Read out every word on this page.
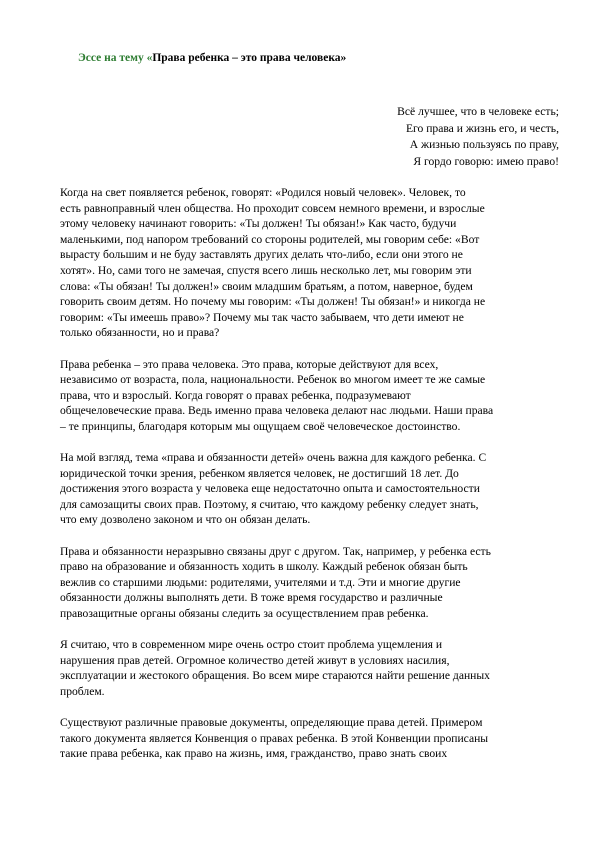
Эссе на тему «Права ребенка – это права человека»
Всё лучшее, что в человеке есть;
Его права и жизнь его, и честь,
А жизнью пользуясь по праву,
Я гордо говорю: имею право!

Когда на свет появляется ребенок, говорят: «Родился новый человек». Человек, то
есть равноправный член общества. Но проходит совсем немного времени, и взрослые
этому человеку начинают говорить: «Ты должен! Ты обязан!» Как часто, будучи
маленькими, под напором требований со стороны родителей, мы говорим себе: «Вот
вырасту большим и не буду заставлять других делать что-либо, если они этого не
хотят». Но, сами того не замечая, спустя всего лишь несколько лет, мы говорим эти
слова: «Ты обязан! Ты должен!» своим младшим братьям, а потом, наверное, будем
говорить своим детям. Но почему мы говорим: «Ты должен! Ты обязан!» и никогда не
говорим: «Ты имеешь право»? Почему мы так часто забываем, что дети имеют не
только обязанности, но и права?

Права ребенка – это права человека. Это права, которые действуют для всех,
независимо от возраста, пола, национальности. Ребенок во многом имеет те же самые
права, что и взрослый. Когда говорят о правах ребенка, подразумевают
общечеловеческие права. Ведь именно права человека делают нас людьми. Наши права
– те принципы, благодаря которым мы ощущаем своё человеческое достоинство.

На мой взгляд, тема «права и обязанности детей» очень важна для каждого ребенка. С
юридической точки зрения, ребенком является человек, не достигший 18 лет. До
достижения этого возраста у человека еще недостаточно опыта и самостоятельности
для самозащиты своих прав. Поэтому, я считаю, что каждому ребенку следует знать,
что ему дозволено законом и что он обязан делать.

Права и обязанности неразрывно связаны друг с другом. Так, например, у ребенка есть
право на образование и обязанность ходить в школу. Каждый ребенок обязан быть
вежлив со старшими людьми: родителями, учителями и т.д. Эти и многие другие
обязанности должны выполнять дети. В тоже время государство и различные
правозащитные органы обязаны следить за осуществлением прав ребенка.

Я считаю, что в современном мире очень остро стоит проблема ущемления и
нарушения прав детей. Огромное количество детей живут в условиях насилия,
эксплуатации и жестокого обращения. Во всем мире стараются найти решение данных
проблем.

Существуют различные правовые документы, определяющие права детей. Примером
такого документа является Конвенция о правах ребенка. В этой Конвенции прописаны
такие права ребенка, как право на жизнь, имя, гражданство, право знать своих
